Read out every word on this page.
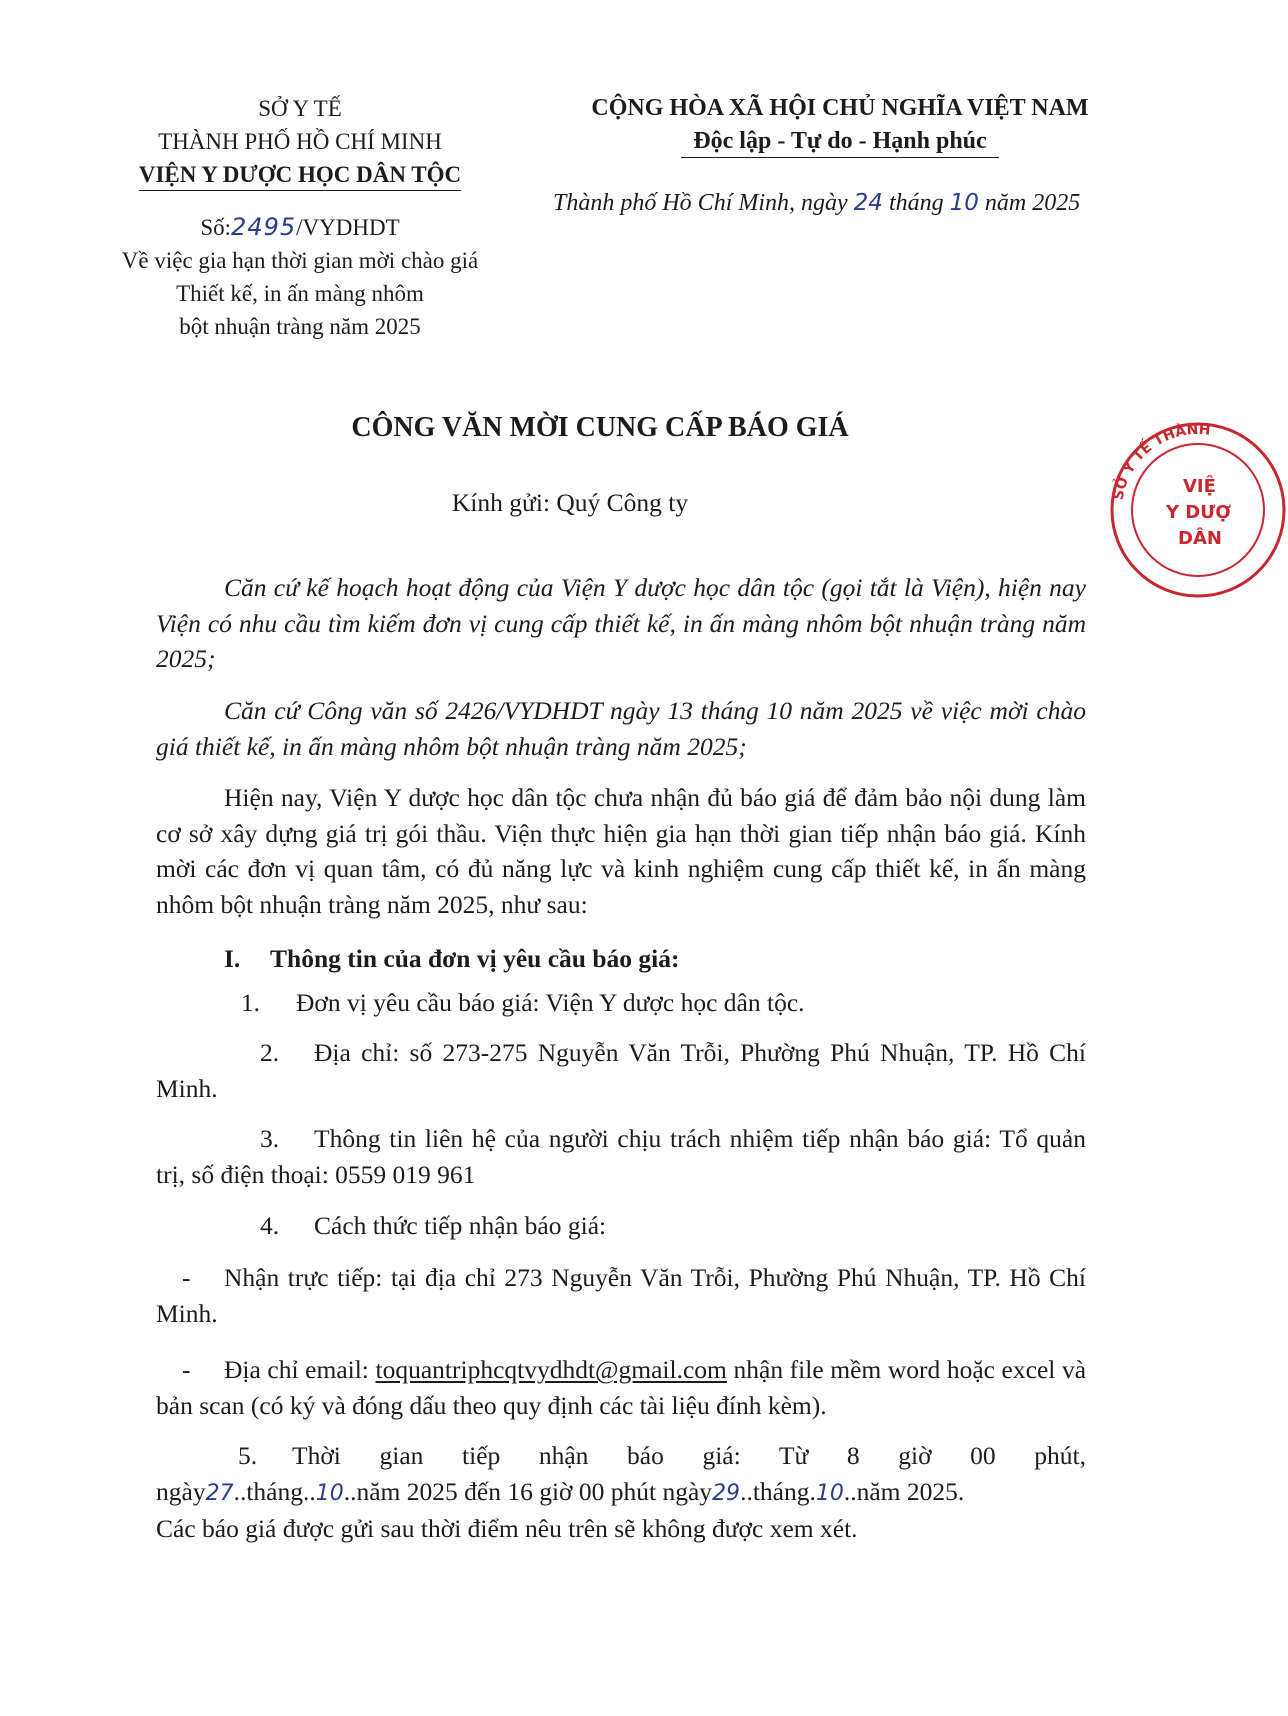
SỞ Y TẾ
THÀNH PHỐ HỒ CHÍ MINH
VIỆN Y DƯỢC HỌC DÂN TỘC
Số:2495/VYDHDT
Về việc gia hạn thời gian mời chào giá
Thiết kế, in ấn màng nhôm
bột nhuận tràng năm 2025
CỘNG HÒA XÃ HỘI CHỦ NGHĨA VIỆT NAM
Độc lập - Tự do - Hạnh phúc
Thành phố Hồ Chí Minh, ngày 24 tháng 10 năm 2025
CÔNG VĂN MỜI CUNG CẤP BÁO GIÁ
Kính gửi: Quý Công ty
Căn cứ kế hoạch hoạt động của Viện Y dược học dân tộc (gọi tắt là Viện), hiện nay Viện có nhu cầu tìm kiếm đơn vị cung cấp thiết kế, in ấn màng nhôm bột nhuận tràng năm 2025;
Căn cứ Công văn số 2426/VYDHDT ngày 13 tháng 10 năm 2025 về việc mời chào giá thiết kế, in ấn màng nhôm bột nhuận tràng năm 2025;
Hiện nay, Viện Y dược học dân tộc chưa nhận đủ báo giá để đảm bảo nội dung làm cơ sở xây dựng giá trị gói thầu. Viện thực hiện gia hạn thời gian tiếp nhận báo giá. Kính mời các đơn vị quan tâm, có đủ năng lực và kinh nghiệm cung cấp thiết kế, in ấn màng nhôm bột nhuận tràng năm 2025, như sau:
I. Thông tin của đơn vị yêu cầu báo giá:
1. Đơn vị yêu cầu báo giá: Viện Y dược học dân tộc.
2. Địa chỉ: số 273-275 Nguyễn Văn Trỗi, Phường Phú Nhuận, TP. Hồ Chí Minh.
3. Thông tin liên hệ của người chịu trách nhiệm tiếp nhận báo giá: Tổ quản trị, số điện thoại: 0559 019 961
4. Cách thức tiếp nhận báo giá:
- Nhận trực tiếp: tại địa chỉ 273 Nguyễn Văn Trỗi, Phường Phú Nhuận, TP. Hồ Chí Minh.
- Địa chỉ email: toquantriphcqtvydhdt@gmail.com nhận file mềm word hoặc excel và bản scan (có ký và đóng dấu theo quy định các tài liệu đính kèm).
5. Thời gian tiếp nhận báo giá: Từ 8 giờ 00 phút,
ngày27..tháng..10..năm 2025 đến 16 giờ 00 phút ngày29..tháng.10..năm 2025.
Các báo giá được gửi sau thời điểm nêu trên sẽ không được xem xét.
SỞ Y TẾ THÀNH
VIỆ
Y DƯỢ
DÂN
